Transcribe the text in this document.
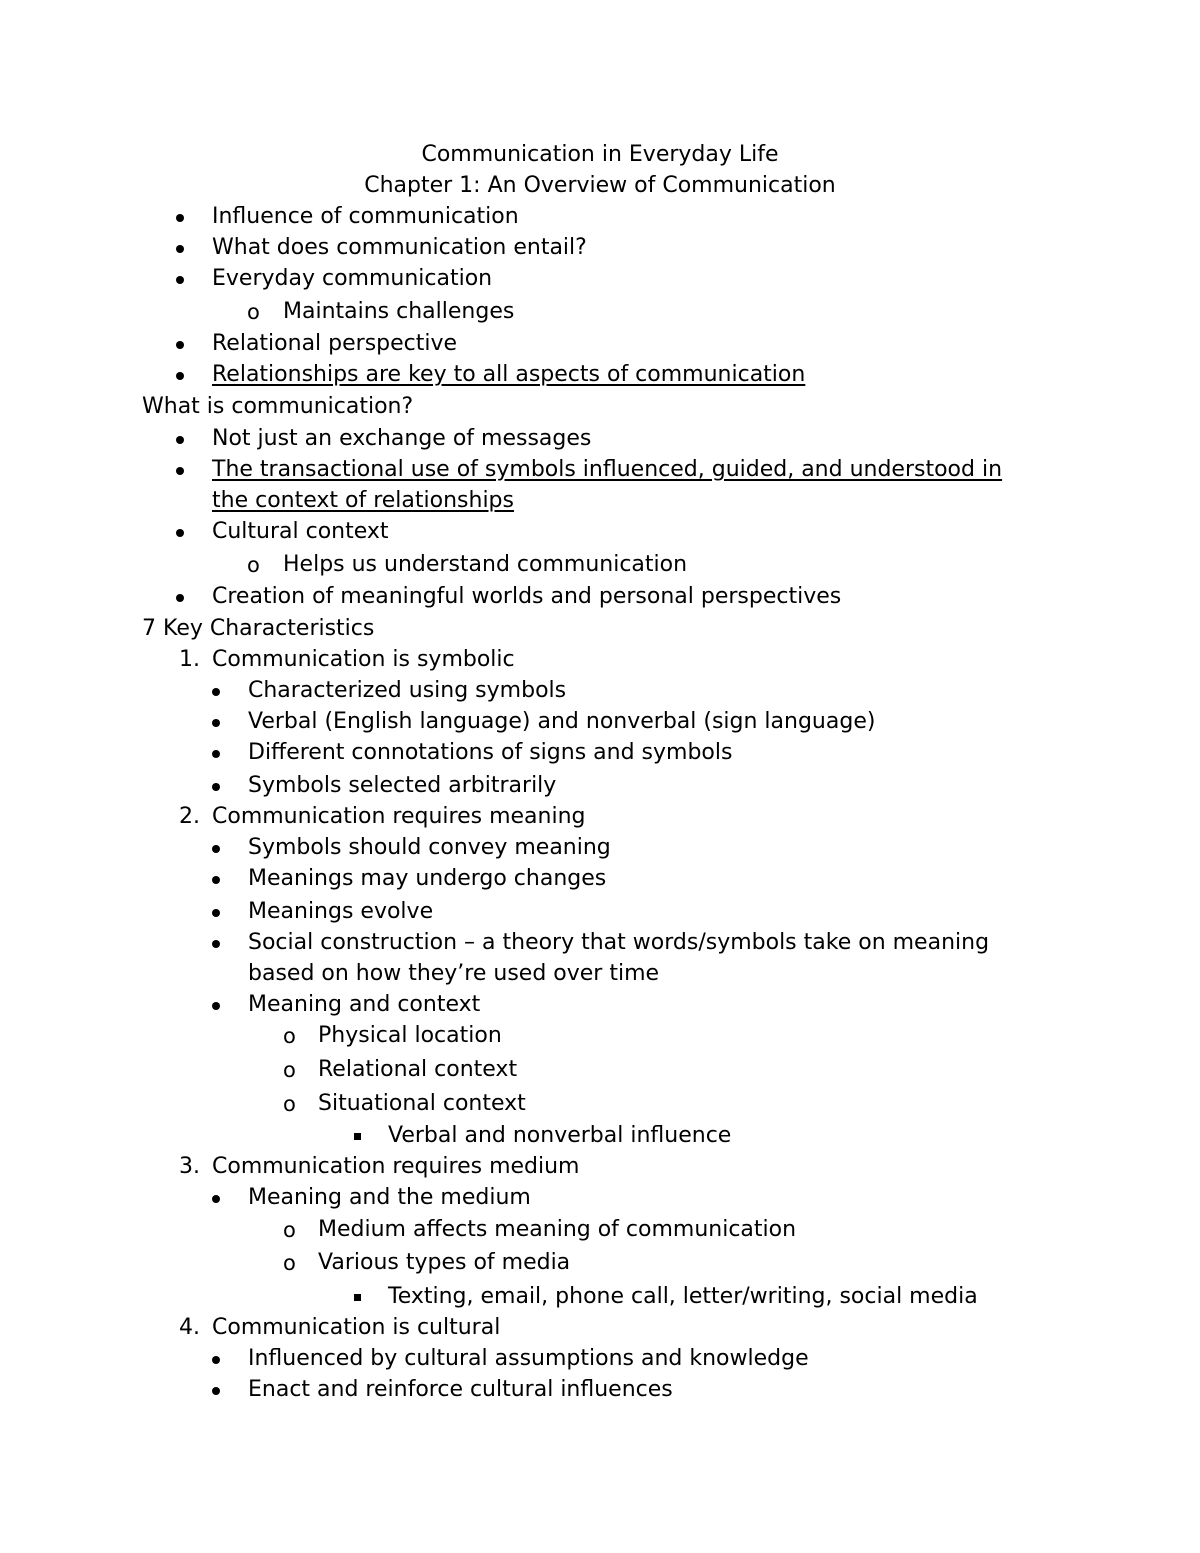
Communication in Everyday Life
Chapter 1: An Overview of Communication
Influence of communication
What does communication entail?
Everyday communication
o Maintains challenges
Relational perspective
Relationships are key to all aspects of communication
What is communication?
Not just an exchange of messages
The transactional use of symbols influenced, guided, and understood in
the context of relationships
Cultural context
o Helps us understand communication
Creation of meaningful worlds and personal perspectives
7 Key Characteristics
1. Communication is symbolic
Characterized using symbols
Verbal (English language) and nonverbal (sign language)
Different connotations of signs and symbols
Symbols selected arbitrarily
2. Communication requires meaning
Symbols should convey meaning
Meanings may undergo changes
Meanings evolve
Social construction – a theory that words/symbols take on meaning
based on how they’re used over time
Meaning and context
o Physical location
o Relational context
o Situational context
Verbal and nonverbal influence
3. Communication requires medium
Meaning and the medium
o Medium affects meaning of communication
o Various types of media
Texting, email, phone call, letter/writing, social media
4. Communication is cultural
Influenced by cultural assumptions and knowledge
Enact and reinforce cultural influences
